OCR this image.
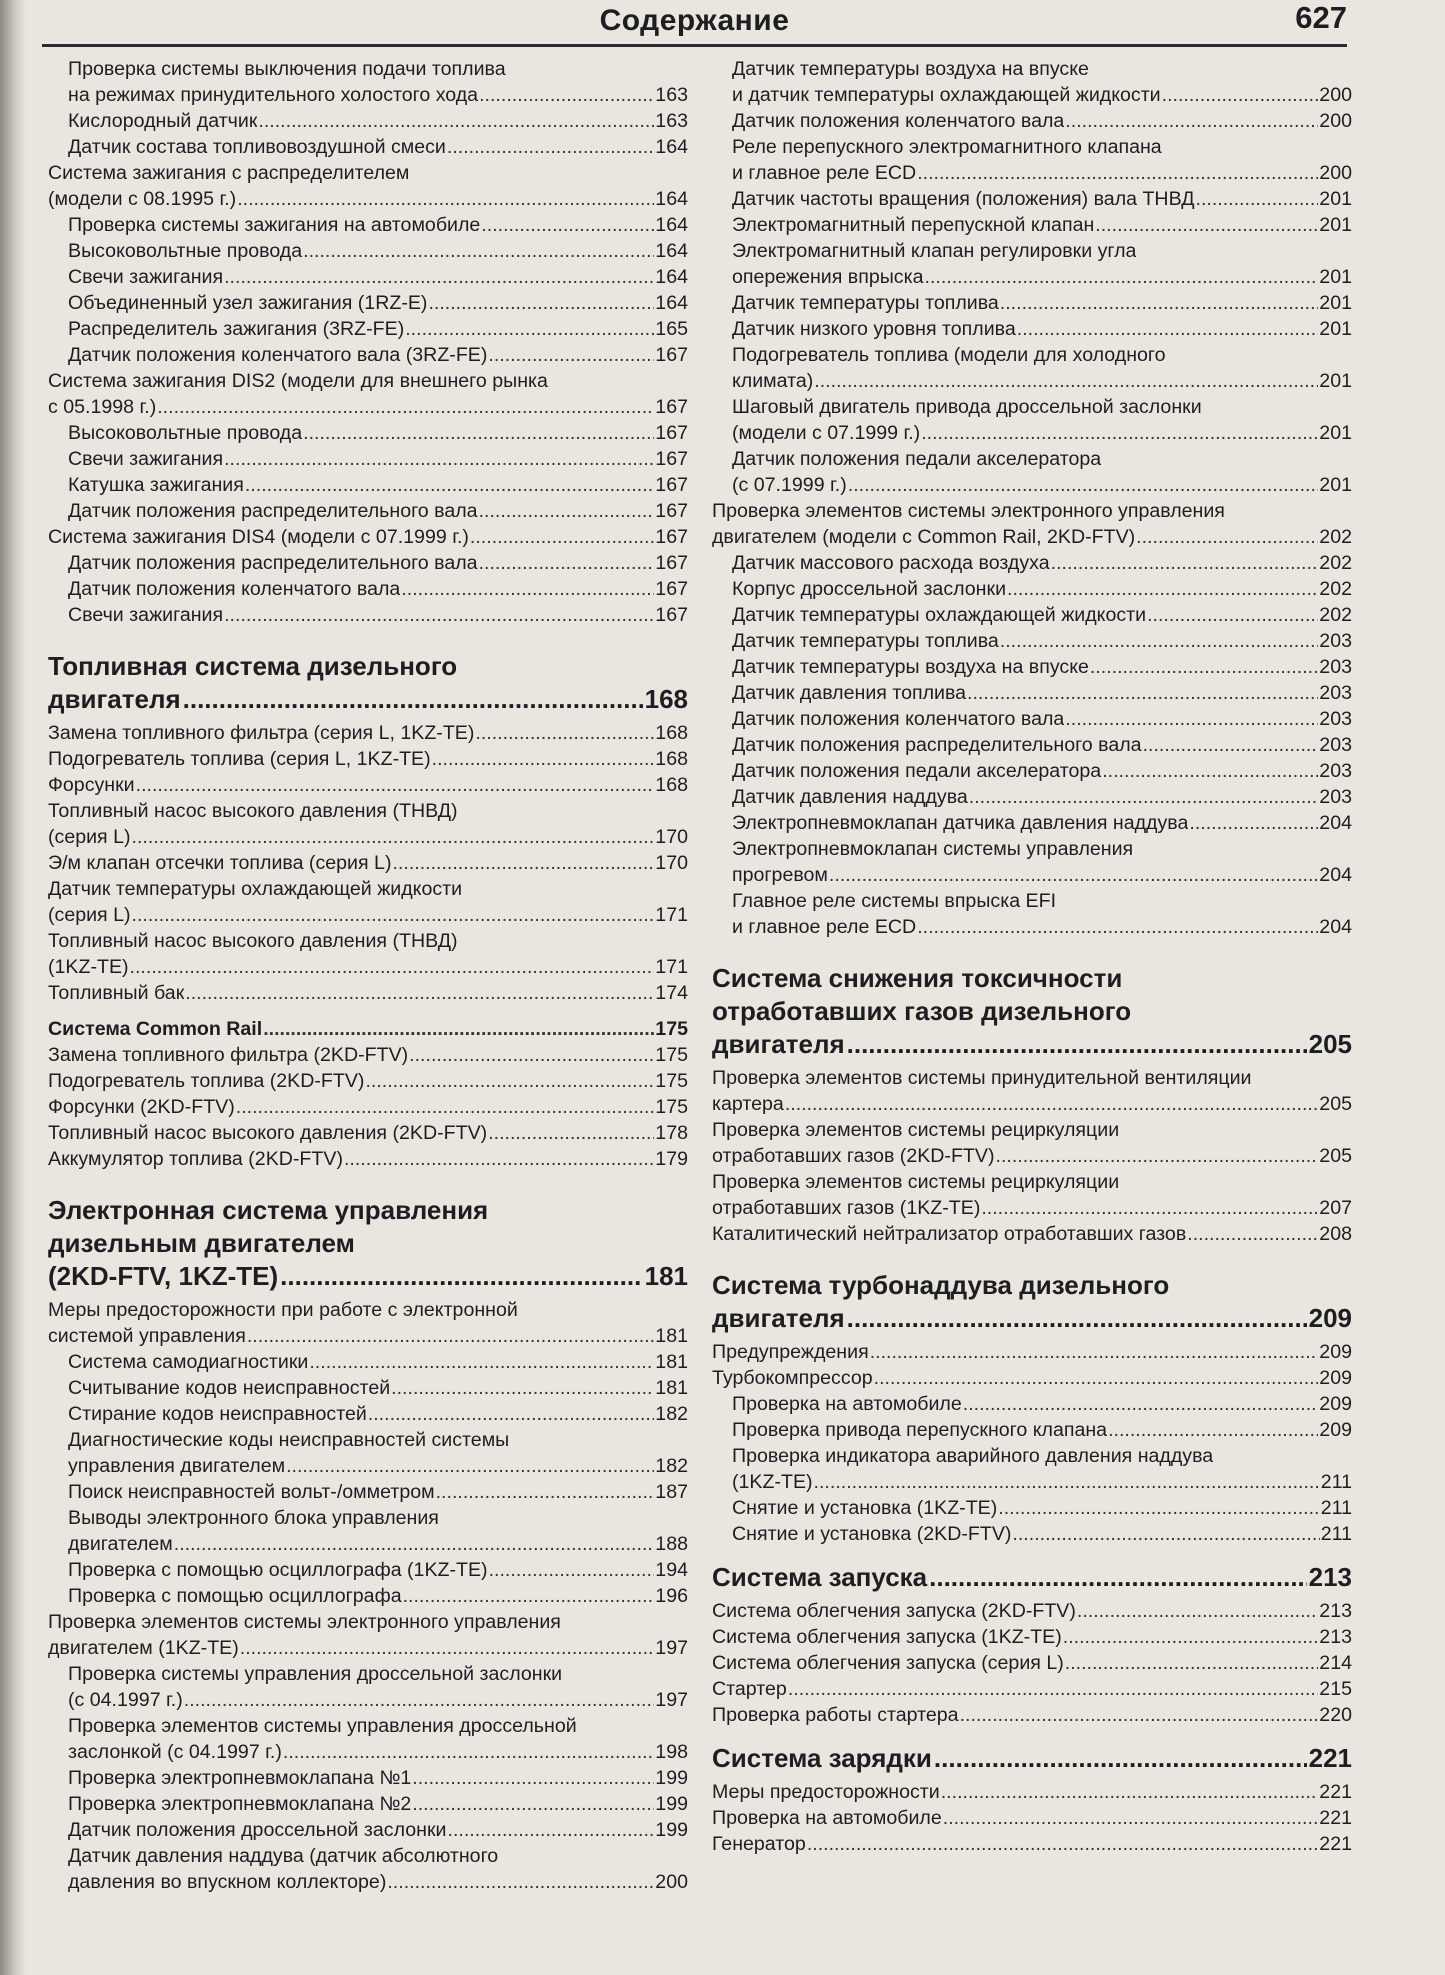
Содержание	627
Проверка системы выключения подачи топлива
на режимах принудительного холостого хода .....	163
Кислородный датчик .....	163
Датчик состава топливовоздушной смеси .....	164
Система зажигания с распределителем
(модели с 08.1995 г.) .....	164
Проверка системы зажигания на автомобиле .....	164
Высоковольтные провода .....	164
Свечи зажигания .....	164
Объединенный узел зажигания (1RZ-E) .....	164
Распределитель зажигания (3RZ-FE) .....	165
Датчик положения коленчатого вала (3RZ-FE) .....	167
Система зажигания DIS2 (модели для внешнего рынка
с 05.1998 г.) .....	167
Высоковольтные провода .....	167
Свечи зажигания .....	167
Катушка зажигания .....	167
Датчик положения распределительного вала .....	167
Система зажигания DIS4 (модели с 07.1999 г.) .....	167
Датчик положения распределительного вала .....	167
Датчик положения коленчатого вала .....	167
Свечи зажигания .....	167
Топливная система дизельного
двигателя .....	168
Замена топливного фильтра (серия L, 1KZ-TE) .....	168
Подогреватель топлива (серия L, 1KZ-TE) .....	168
Форсунки .....	168
Топливный насос высокого давления (ТНВД)
(серия L) .....	170
Э/м клапан отсечки топлива (серия L) .....	170
Датчик температуры охлаждающей жидкости
(серия L) .....	171
Топливный насос высокого давления (ТНВД)
(1KZ-TE) .....	171
Топливный бак .....	174
Система Common Rail .....	175
Замена топливного фильтра (2KD-FTV) .....	175
Подогреватель топлива (2KD-FTV) .....	175
Форсунки (2KD-FTV) .....	175
Топливный насос высокого давления (2KD-FTV) .....	178
Аккумулятор топлива (2KD-FTV) .....	179
Электронная система управления
дизельным двигателем
(2KD-FTV, 1KZ-TE) .....	181
Меры предосторожности при работе с электронной
системой управления .....	181
Система самодиагностики .....	181
Считывание кодов неисправностей .....	181
Стирание кодов неисправностей .....	182
Диагностические коды неисправностей системы
управления двигателем .....	182
Поиск неисправностей вольт-/омметром .....	187
Выводы электронного блока управления
двигателем .....	188
Проверка с помощью осциллографа (1KZ-TE) .....	194
Проверка с помощью осциллографа .....	196
Проверка элементов системы электронного управления
двигателем (1KZ-TE) .....	197
Проверка системы управления дроссельной заслонки
(с 04.1997 г.) .....	197
Проверка элементов системы управления дроссельной
заслонкой (с 04.1997 г.) .....	198
Проверка электропневмоклапана №1 .....	199
Проверка электропневмоклапана №2 .....	199
Датчик положения дроссельной заслонки .....	199
Датчик давления наддува (датчик абсолютного
давления во впускном коллекторе) .....	200
Датчик температуры воздуха на впуске
и датчик температуры охлаждающей жидкости .....	200
Датчик положения коленчатого вала .....	200
Реле перепускного электромагнитного клапана
и главное реле ECD .....	200
Датчик частоты вращения (положения) вала ТНВД .....	201
Электромагнитный перепускной клапан .....	201
Электромагнитный клапан регулировки угла
опережения впрыска .....	201
Датчик температуры топлива .....	201
Датчик низкого уровня топлива .....	201
Подогреватель топлива (модели для холодного
климата) .....	201
Шаговый двигатель привода дроссельной заслонки
(модели с 07.1999 г.) .....	201
Датчик положения педали акселератора
(с 07.1999 г.) .....	201
Проверка элементов системы электронного управления
двигателем (модели с Common Rail, 2KD-FTV) .....	202
Датчик массового расхода воздуха .....	202
Корпус дроссельной заслонки .....	202
Датчик температуры охлаждающей жидкости .....	202
Датчик температуры топлива .....	203
Датчик температуры воздуха на впуске .....	203
Датчик давления топлива .....	203
Датчик положения коленчатого вала .....	203
Датчик положения распределительного вала .....	203
Датчик положения педали акселератора .....	203
Датчик давления наддува .....	203
Электропневмоклапан датчика давления наддува .....	204
Электропневмоклапан системы управления
прогревом .....	204
Главное реле системы впрыска EFI
и главное реле ECD .....	204
Система снижения токсичности
отработавших газов дизельного
двигателя .....	205
Проверка элементов системы принудительной вентиляции
картера .....	205
Проверка элементов системы рециркуляции
отработавших газов (2KD-FTV) .....	205
Проверка элементов системы рециркуляции
отработавших газов (1KZ-TE) .....	207
Каталитический нейтрализатор отработавших газов .....	208
Система турбонаддува дизельного
двигателя .....	209
Предупреждения .....	209
Турбокомпрессор .....	209
Проверка на автомобиле .....	209
Проверка привода перепускного клапана .....	209
Проверка индикатора аварийного давления наддува
(1KZ-TE) .....	211
Снятие и установка (1KZ-TE) .....	211
Снятие и установка (2KD-FTV) .....	211
Система запуска .....	213
Система облегчения запуска (2KD-FTV) .....	213
Система облегчения запуска (1KZ-TE) .....	213
Система облегчения запуска (серия L) .....	214
Стартер .....	215
Проверка работы стартера .....	220
Система зарядки .....	221
Меры предосторожности .....	221
Проверка на автомобиле .....	221
Генератор .....	221
